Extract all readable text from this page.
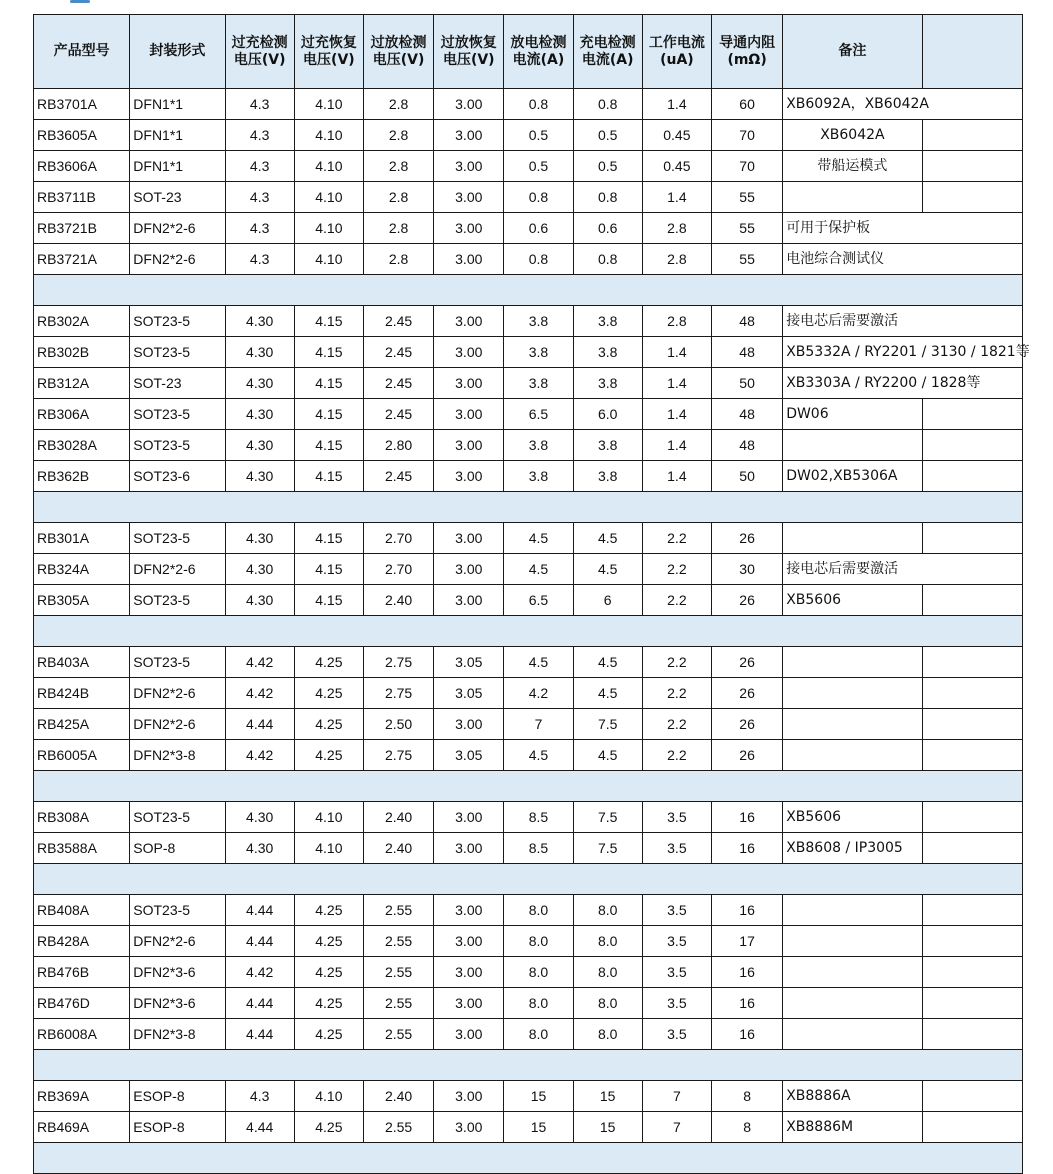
产品型号	封装形式	过充检测电压(V)	过充恢复电压(V)	过放检测电压(V)	过放恢复电压(V)	放电检测电流(A)	充电检测电流(A)	工作电流(uA)	导通内阻(mΩ)	备注	
RB3701A	DFN1*1	4.3	4.10	2.8	3.00	0.8	0.8	1.4	60	XB6092A，XB6042A	
RB3605A	DFN1*1	4.3	4.10	2.8	3.00	0.5	0.5	0.45	70	XB6042A	
RB3606A	DFN1*1	4.3	4.10	2.8	3.00	0.5	0.5	0.45	70	带船运模式	
RB3711B	SOT-23	4.3	4.10	2.8	3.00	0.8	0.8	1.4	55		
RB3721B	DFN2*2-6	4.3	4.10	2.8	3.00	0.6	0.6	2.8	55	可用于保护板	
RB3721A	DFN2*2-6	4.3	4.10	2.8	3.00	0.8	0.8	2.8	55	电池综合测试仪	

RB302A	SOT23-5	4.30	4.15	2.45	3.00	3.8	3.8	2.8	48	接电芯后需要激活	
RB302B	SOT23-5	4.30	4.15	2.45	3.00	3.8	3.8	1.4	48	XB5332A / RY2201 / 3130 / 1821等	
RB312A	SOT-23	4.30	4.15	2.45	3.00	3.8	3.8	1.4	50	XB3303A / RY2200 / 1828等	
RB306A	SOT23-5	4.30	4.15	2.45	3.00	6.5	6.0	1.4	48	DW06	
RB3028A	SOT23-5	4.30	4.15	2.80	3.00	3.8	3.8	1.4	48		
RB362B	SOT23-6	4.30	4.15	2.45	3.00	3.8	3.8	1.4	50	DW02,XB5306A	

RB301A	SOT23-5	4.30	4.15	2.70	3.00	4.5	4.5	2.2	26		
RB324A	DFN2*2-6	4.30	4.15	2.70	3.00	4.5	4.5	2.2	30	接电芯后需要激活	
RB305A	SOT23-5	4.30	4.15	2.40	3.00	6.5	6	2.2	26	XB5606	

RB403A	SOT23-5	4.42	4.25	2.75	3.05	4.5	4.5	2.2	26		
RB424B	DFN2*2-6	4.42	4.25	2.75	3.05	4.2	4.5	2.2	26		
RB425A	DFN2*2-6	4.44	4.25	2.50	3.00	7	7.5	2.2	26		
RB6005A	DFN2*3-8	4.42	4.25	2.75	3.05	4.5	4.5	2.2	26		

RB308A	SOT23-5	4.30	4.10	2.40	3.00	8.5	7.5	3.5	16	XB5606	
RB3588A	SOP-8	4.30	4.10	2.40	3.00	8.5	7.5	3.5	16	XB8608 / IP3005	

RB408A	SOT23-5	4.44	4.25	2.55	3.00	8.0	8.0	3.5	16		
RB428A	DFN2*2-6	4.44	4.25	2.55	3.00	8.0	8.0	3.5	17		
RB476B	DFN2*3-6	4.42	4.25	2.55	3.00	8.0	8.0	3.5	16		
RB476D	DFN2*3-6	4.44	4.25	2.55	3.00	8.0	8.0	3.5	16		
RB6008A	DFN2*3-8	4.44	4.25	2.55	3.00	8.0	8.0	3.5	16		

RB369A	ESOP-8	4.3	4.10	2.40	3.00	15	15	7	8	XB8886A	
RB469A	ESOP-8	4.44	4.25	2.55	3.00	15	15	7	8	XB8886M	
